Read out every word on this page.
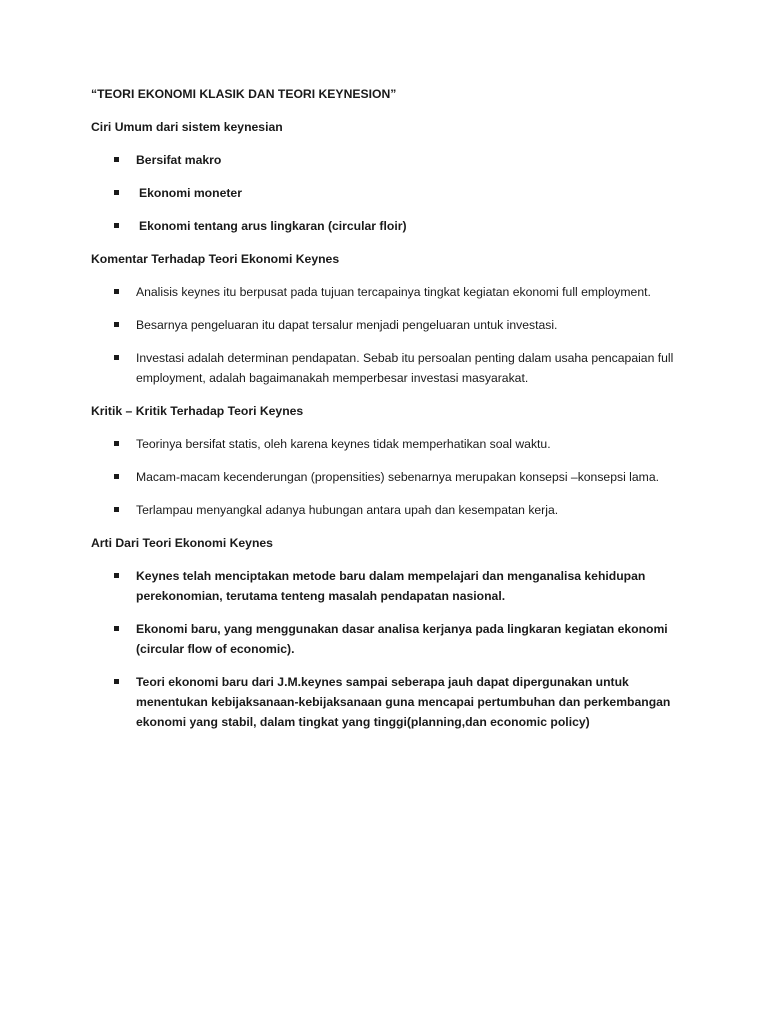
“TEORI EKONOMI KLASIK DAN TEORI KEYNESION”
Ciri Umum dari sistem keynesian
Bersifat makro
Ekonomi moneter
Ekonomi tentang arus lingkaran (circular floir)
Komentar Terhadap Teori Ekonomi Keynes
Analisis keynes itu berpusat pada tujuan tercapainya tingkat kegiatan ekonomi full employment.
Besarnya pengeluaran itu dapat tersalur menjadi pengeluaran untuk investasi.
Investasi adalah determinan pendapatan. Sebab itu persoalan penting dalam usaha pencapaian full employment, adalah bagaimanakah memperbesar investasi masyarakat.
Kritik – Kritik Terhadap Teori Keynes
Teorinya bersifat statis, oleh karena keynes tidak memperhatikan soal waktu.
Macam-macam kecenderungan (propensities) sebenarnya merupakan konsepsi –konsepsi lama.
Terlampau menyangkal adanya hubungan antara upah dan kesempatan kerja.
Arti Dari Teori Ekonomi Keynes
Keynes telah menciptakan metode baru dalam mempelajari dan menganalisa kehidupan perekonomian, terutama tenteng masalah pendapatan nasional.
Ekonomi baru, yang menggunakan dasar analisa kerjanya pada lingkaran kegiatan ekonomi (circular flow of economic).
Teori ekonomi baru dari J.M.keynes sampai seberapa jauh dapat dipergunakan untuk menentukan kebijaksanaan-kebijaksanaan guna mencapai pertumbuhan dan perkembangan ekonomi yang stabil, dalam tingkat yang tinggi(planning,dan economic policy)
